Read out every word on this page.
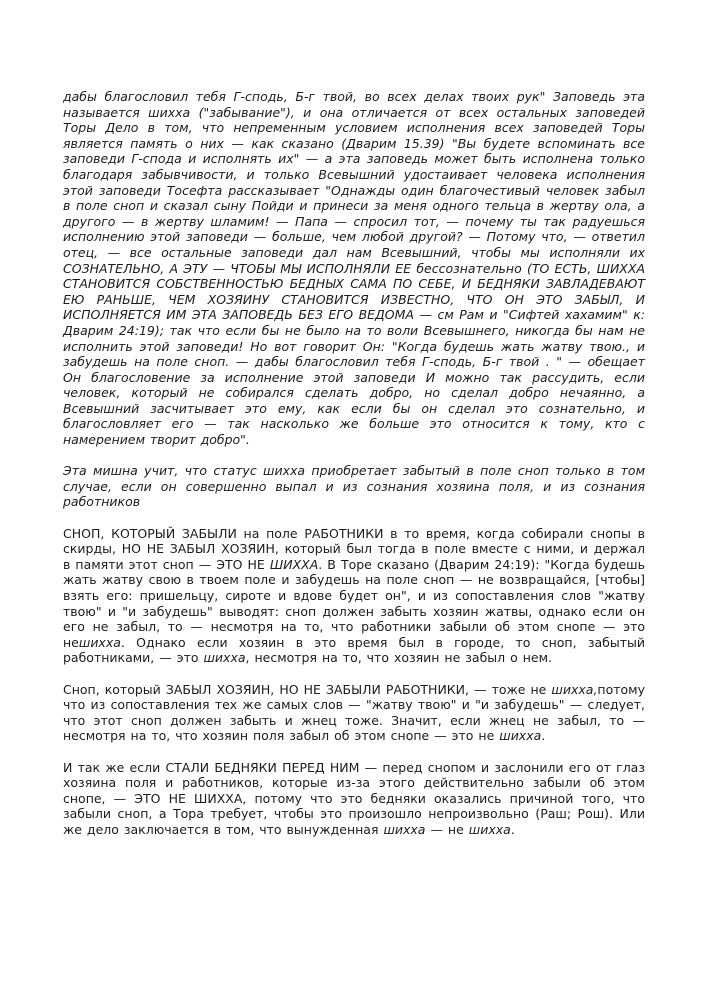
дабы благословил тебя Г-сподь, Б-г твой, во всех делах твоих рук" Заповедь эта называется шихха ("забывание"), и она отличается от всех остальных заповедей Торы Дело в том, что непременным условием исполнения всех заповедей Торы является память о них — как сказано (Дварим 15.39) "Вы будете вспоминать все заповеди Г-спода и исполнять их" — а эта заповедь может быть исполнена только благодаря забывчивости, и только Всевышний удостаивает человека исполнения этой заповеди Тосефта рассказывает "Однажды один благочестивый человек забыл в поле сноп и сказал сыну Пойди и принеси за меня одного тельца в жертву ола, а другого — в жертву шламим! — Папа — спросил тот, — почему ты так радуешься исполнению этой заповеди — больше, чем любой другой? — Потому что, — ответил отец, — все остальные заповеди дал нам Всевышний, чтобы мы исполняли их СОЗНАТЕЛЬНО, А ЭТУ — ЧТОБЫ МЫ ИСПОЛНЯЛИ ЕЕ бессознательно (ТО ЕСТЬ, ШИХХА СТАНОВИТСЯ СОБСТВЕННОСТЬЮ БЕДНЫХ САМА ПО СЕБЕ, И БЕДНЯКИ ЗАВЛАДЕВАЮТ ЕЮ РАНЬШЕ, ЧЕМ ХОЗЯИНУ СТАНОВИТСЯ ИЗВЕСТНО, ЧТО ОН ЭТО ЗАБЫЛ, И ИСПОЛНЯЕТСЯ ИМ ЭТА ЗАПОВЕДЬ БЕЗ ЕГО ВЕДОМА — см Рам и "Сифтей хахамим" к: Дварим 24:19); так что если бы не было на то воли Всевышнего, никогда бы нам не исполнить этой заповеди! Но вот говорит Он: "Когда будешь жать жатву твою., и забудешь на поле сноп. — дабы благословил тебя Г-сподь, Б-г твой . " — обещает Он благословение за исполнение этой заповеди И можно так рассудить, если человек, который не собирался сделать добро, но сделал добро нечаянно, а Всевышний засчитывает это ему, как если бы он сделал это сознательно, и благословляет его — так насколько же больше это относится к тому, кто с намерением творит добро".

Эта мишна учит, что статус шихха приобретает забытый в поле сноп только в том случае, если он совершенно выпал и из сознания хозяина поля, и из сознания работников

СНОП, КОТОРЫЙ ЗАБЫЛИ на поле РАБОТНИКИ в то время, когда собирали снопы в скирды, НО НЕ ЗАБЫЛ ХОЗЯИН, который был тогда в поле вместе с ними, и держал в памяти этот сноп — ЭТО НЕ ШИХХА. В Торе сказано (Дварим 24:19): "Когда будешь жать жатву свою в твоем поле и забудешь на поле сноп — не возвращайся, [чтобы] взять его: пришельцу, сироте и вдове будет он", и из сопоставления слов "жатву твою" и "и забудешь" выводят: сноп должен забыть хозяин жатвы, однако если он его не забыл, то — несмотря на то, что работники забыли об этом снопе — это нешихха. Однако если хозяин в это время был в городе, то сноп, забытый работниками, — это шихха, несмотря на то, что хозяин не забыл о нем.

Сноп, который ЗАБЫЛ ХОЗЯИН, НО НЕ ЗАБЫЛИ РАБОТНИКИ, — тоже не шихха,потому что из сопоставления тех же самых слов — "жатву твою" и "и забудешь" — следует, что этот сноп должен забыть и жнец тоже. Значит, если жнец не забыл, то — несмотря на то, что хозяин поля забыл об этом снопе — это не шихха.

И так же если СТАЛИ БЕДНЯКИ ПЕРЕД НИМ — перед снопом и заслонили его от глаз хозяина поля и работников, которые из-за этого действительно забыли об этом снопе, — ЭТО НЕ ШИХХА, потому что это бедняки оказались причиной того, что забыли сноп, а Тора требует, чтобы это произошло непроизвольно (Раш; Рош). Или же дело заключается в том, что вынужденная шихха — не шихха.
